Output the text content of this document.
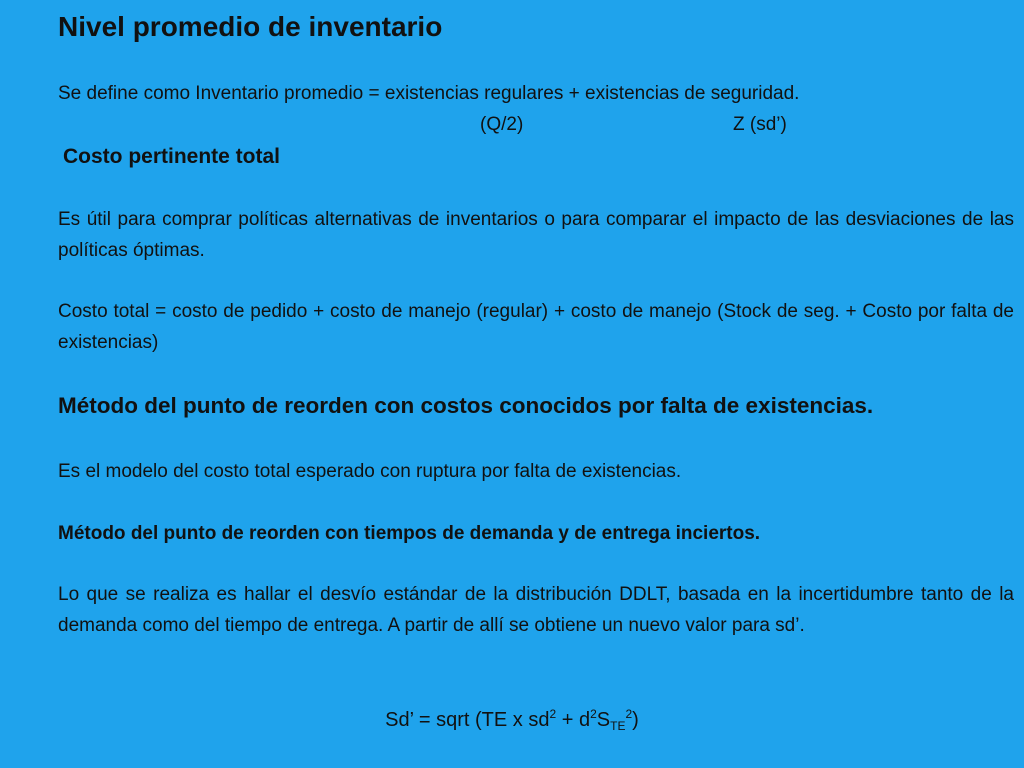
Nivel promedio de inventario

Se define como Inventario promedio = existencias regulares + existencias de seguridad.

(Q/2)	Z (sd’)
Costo pertinente total

Es útil para comprar políticas alternativas de inventarios o para comparar el impacto de las desviaciones de las políticas óptimas.

Costo total = costo de pedido + costo de manejo (regular) + costo de manejo (Stock de seg. + Costo por falta de existencias)

Método del punto de reorden con costos conocidos por falta de existencias.

Es el modelo del costo total esperado con ruptura por falta de existencias.

Método del punto de reorden con tiempos de demanda y de entrega inciertos.

Lo que se realiza es hallar el desvío estándar de la distribución DDLT, basada en la incertidumbre tanto de la demanda como del tiempo de entrega. A partir de allí se obtiene un nuevo valor para sd’.

Sd’ = sqrt (TE x $sd^2 + d^2S_{TE}^2$)
